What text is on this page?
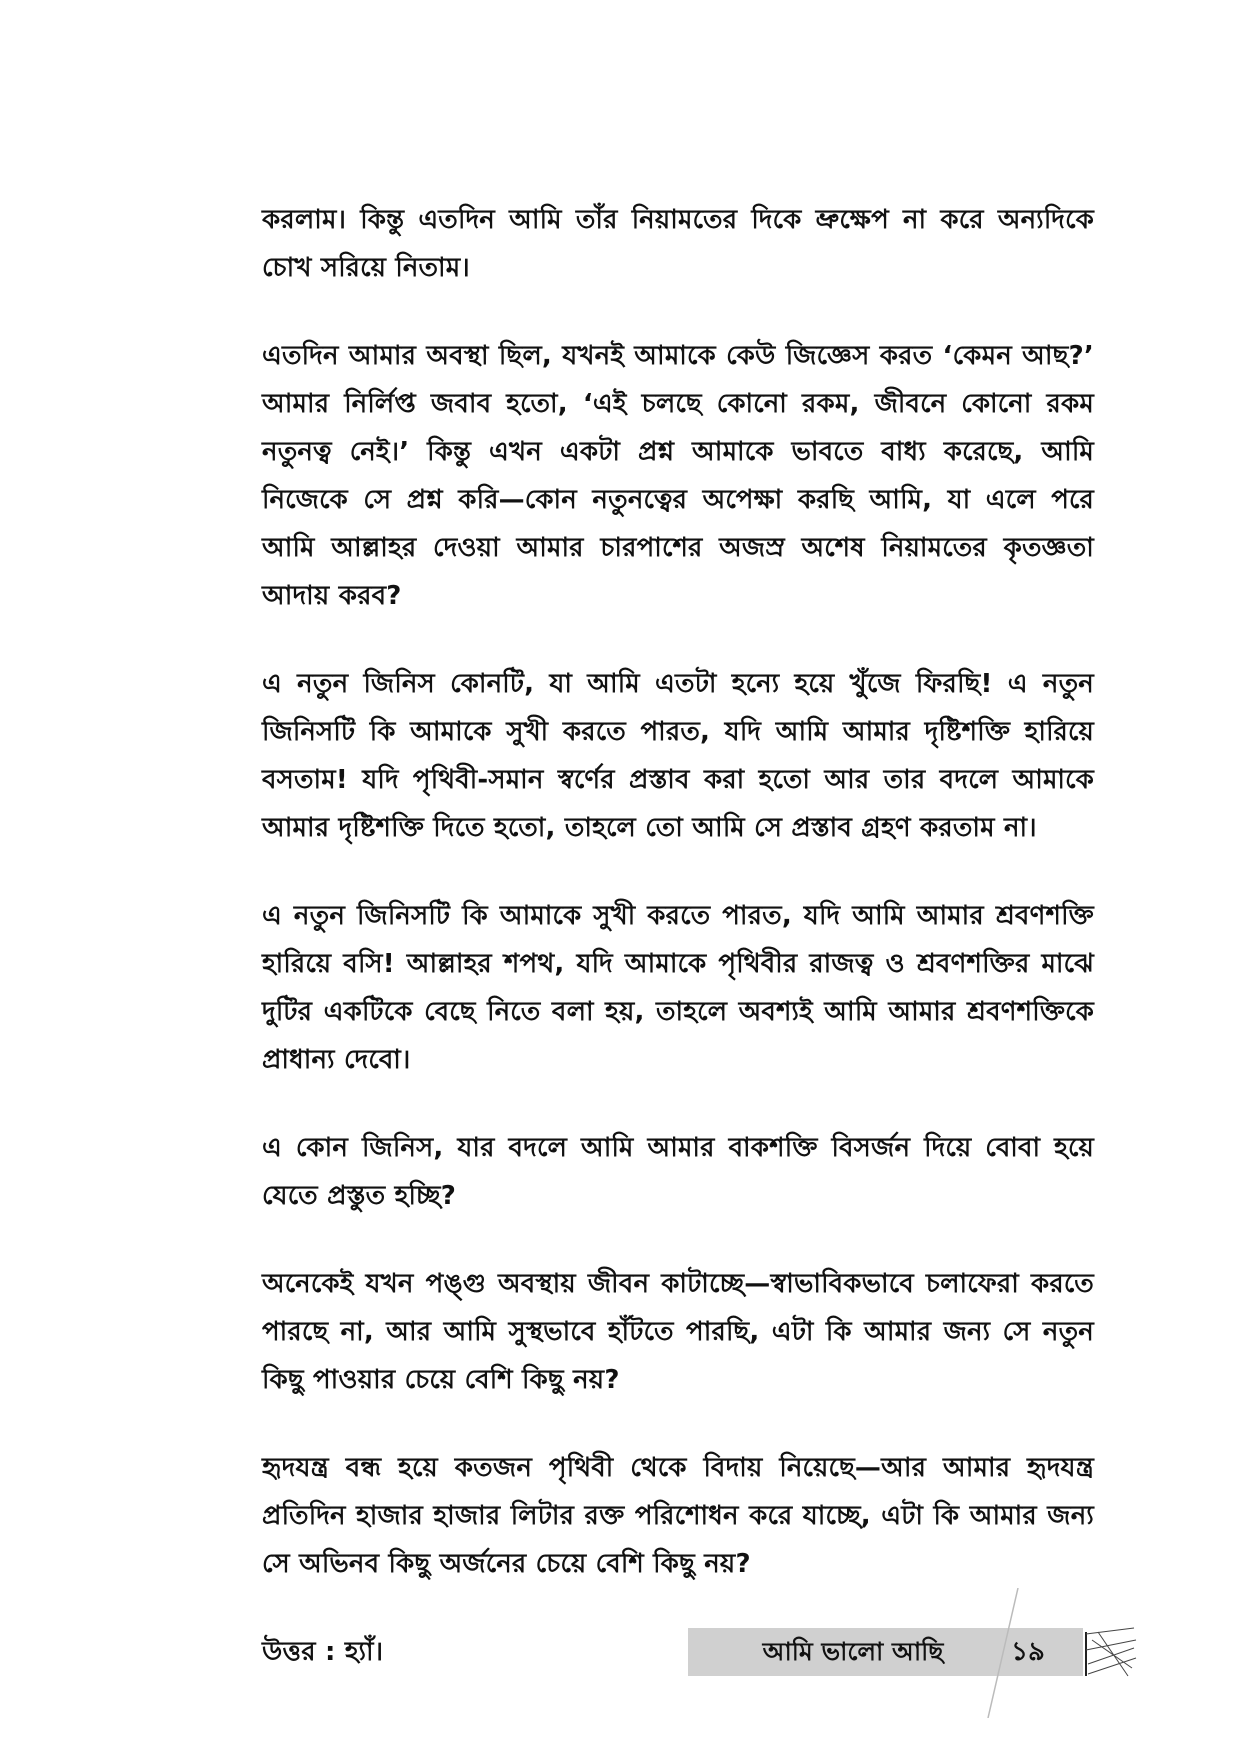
করলাম। কিন্তু এতদিন আমি তাঁর নিয়ামতের দিকে ভ্রুক্ষেপ না করে অন্যদিকে চোখ সরিয়ে নিতাম।

এতদিন আমার অবস্থা ছিল, যখনই আমাকে কেউ জিজ্ঞেস করত ‘কেমন আছ?’ আমার নির্লিপ্ত জবাব হতো, ‘এই চলছে কোনো রকম, জীবনে কোনো রকম নতুনত্ব নেই।’ কিন্তু এখন একটা প্রশ্ন আমাকে ভাবতে বাধ্য করেছে, আমি নিজেকে সে প্রশ্ন করি—কোন নতুনত্বের অপেক্ষা করছি আমি, যা এলে পরে আমি আল্লাহর দেওয়া আমার চারপাশের অজস্র অশেষ নিয়ামতের কৃতজ্ঞতা আদায় করব?

এ নতুন জিনিস কোনটি, যা আমি এতটা হন্যে হয়ে খুঁজে ফিরছি! এ নতুন জিনিসটি কি আমাকে সুখী করতে পারত, যদি আমি আমার দৃষ্টিশক্তি হারিয়ে বসতাম! যদি পৃথিবী-সমান স্বর্ণের প্রস্তাব করা হতো আর তার বদলে আমাকে আমার দৃষ্টিশক্তি দিতে হতো, তাহলে তো আমি সে প্রস্তাব গ্রহণ করতাম না।

এ নতুন জিনিসটি কি আমাকে সুখী করতে পারত, যদি আমি আমার শ্রবণশক্তি হারিয়ে বসি! আল্লাহর শপথ, যদি আমাকে পৃথিবীর রাজত্ব ও শ্রবণশক্তির মাঝে দুটির একটিকে বেছে নিতে বলা হয়, তাহলে অবশ্যই আমি আমার শ্রবণশক্তিকে প্রাধান্য দেবো।

এ কোন জিনিস, যার বদলে আমি আমার বাকশক্তি বিসর্জন দিয়ে বোবা হয়ে যেতে প্রস্তুত হচ্ছি?

অনেকেই যখন পঙ্গু অবস্থায় জীবন কাটাচ্ছে—স্বাভাবিকভাবে চলাফেরা করতে পারছে না, আর আমি সুস্থভাবে হাঁটতে পারছি, এটা কি আমার জন্য সে নতুন কিছু পাওয়ার চেয়ে বেশি কিছু নয়?

হৃদযন্ত্র বন্ধ হয়ে কতজন পৃথিবী থেকে বিদায় নিয়েছে—আর আমার হৃদযন্ত্র প্রতিদিন হাজার হাজার লিটার রক্ত পরিশোধন করে যাচ্ছে, এটা কি আমার জন্য সে অভিনব কিছু অর্জনের চেয়ে বেশি কিছু নয়?

উত্তর : হ্যাঁ।	আমি ভালো আছি	১৯
